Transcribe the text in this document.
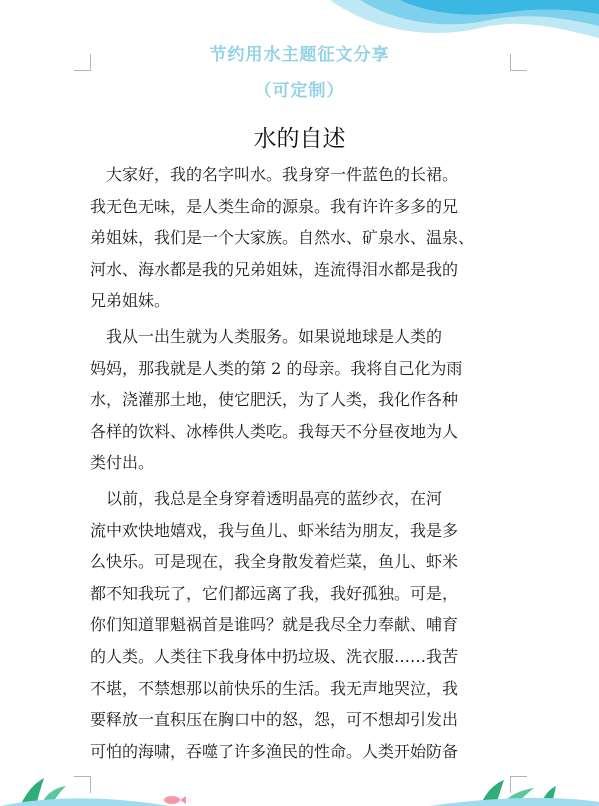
节约用水主题征文分享
（可定制）
水的自述
　大家好，我的名字叫水。我身穿一件蓝色的长裙。
我无色无味，是人类生命的源泉。我有许许多多的兄
弟姐妹，我们是一个大家族。自然水、矿泉水、温泉、
河水、海水都是我的兄弟姐妹，连流得泪水都是我的
兄弟姐妹。
　我从一出生就为人类服务。如果说地球是人类的
妈妈，那我就是人类的第 2 的母亲。我将自己化为雨
水，浇灌那土地，使它肥沃，为了人类，我化作各种
各样的饮料、冰棒供人类吃。我每天不分昼夜地为人
类付出。
　以前，我总是全身穿着透明晶亮的蓝纱衣，在河
流中欢快地嬉戏，我与鱼儿、虾米结为朋友，我是多
么快乐。可是现在，我全身散发着烂菜，鱼儿、虾米
都不知我玩了，它们都远离了我，我好孤独。可是，
你们知道罪魁祸首是谁吗？就是我尽全力奉献、哺育
的人类。人类往下我身体中扔垃圾、洗衣服……我苦
不堪，不禁想那以前快乐的生活。我无声地哭泣，我
要释放一直积压在胸口中的怒，怨，可不想却引发出
可怕的海啸，吞噬了许多渔民的性命。人类开始防备
